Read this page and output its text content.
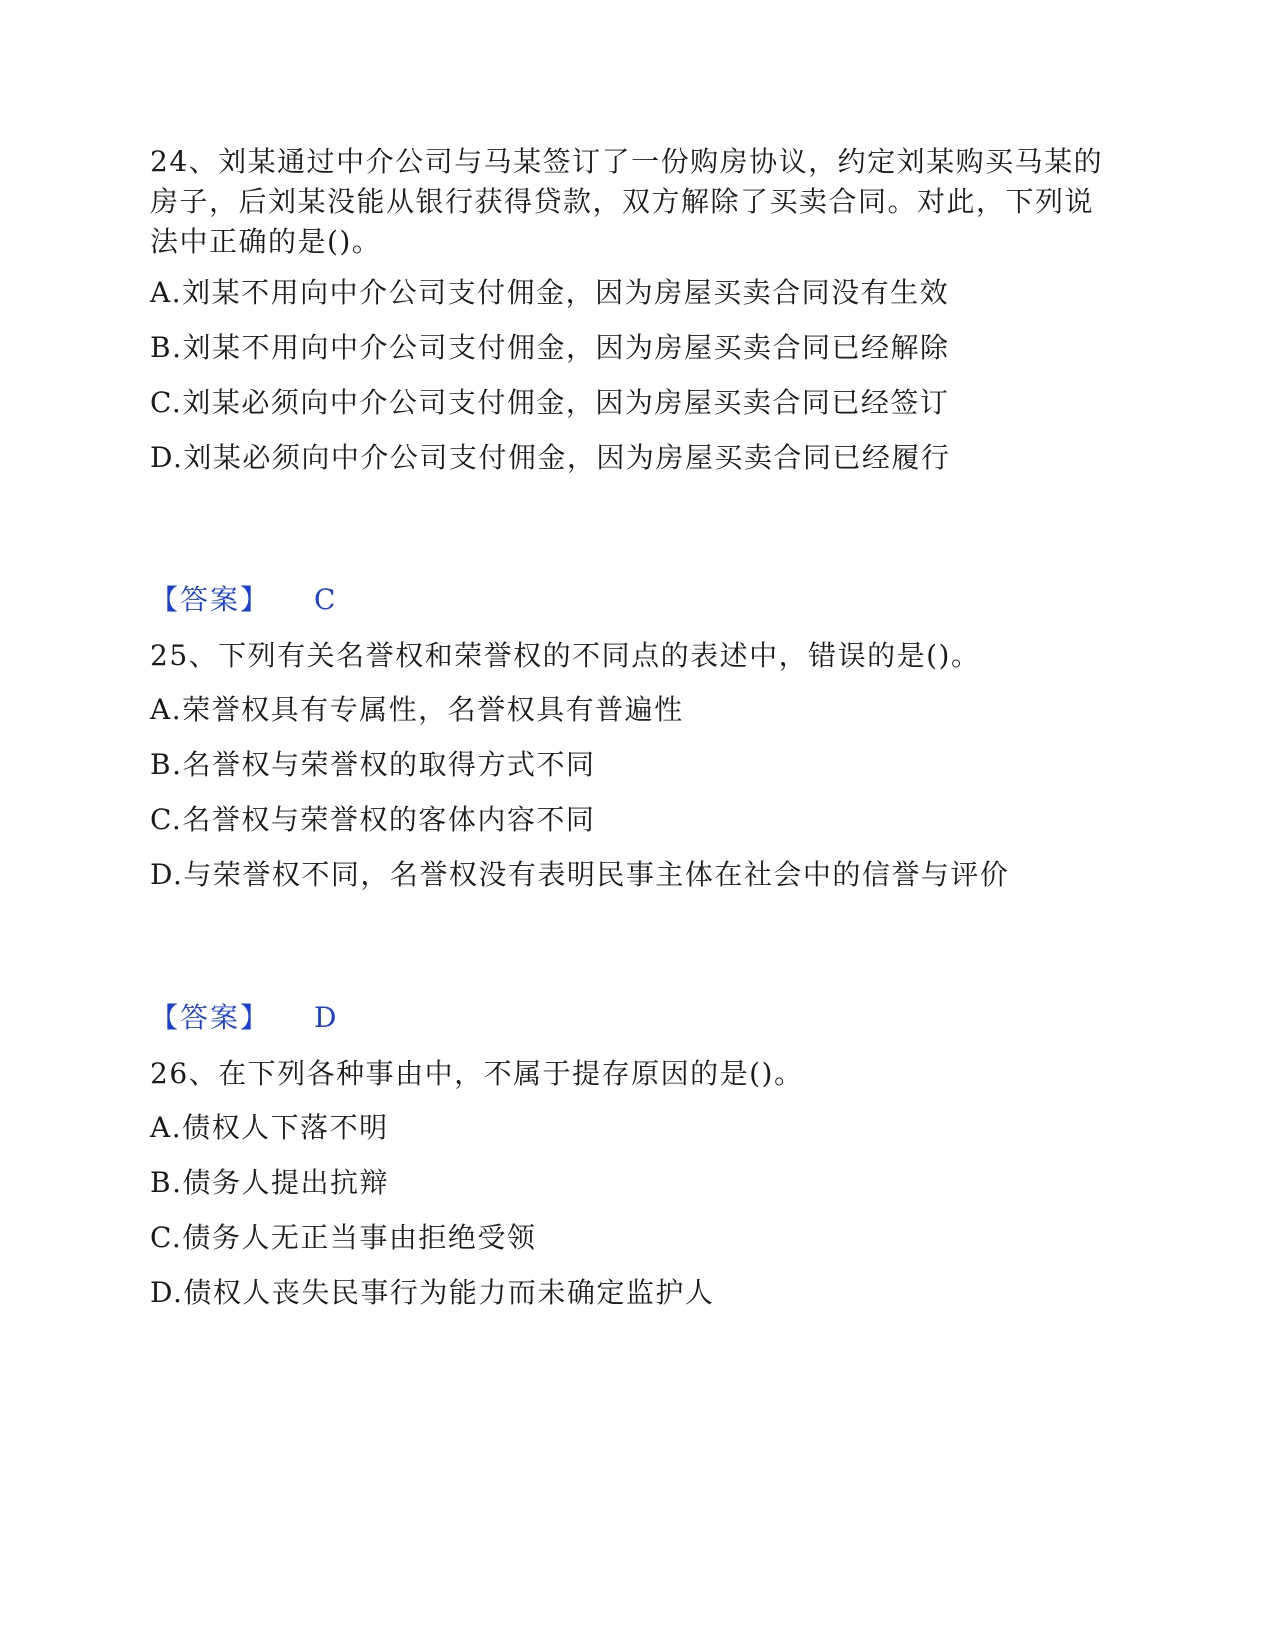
24、刘某通过中介公司与马某签订了一份购房协议，约定刘某购买马某的房子，后刘某没能从银行获得贷款，双方解除了买卖合同。对此，下列说法中正确的是()。

A.刘某不用向中介公司支付佣金，因为房屋买卖合同没有生效

B.刘某不用向中介公司支付佣金，因为房屋买卖合同已经解除

C.刘某必须向中介公司支付佣金，因为房屋买卖合同已经签订

D.刘某必须向中介公司支付佣金，因为房屋买卖合同已经履行

【答案】 C

25、下列有关名誉权和荣誉权的不同点的表述中，错误的是()。

A.荣誉权具有专属性，名誉权具有普遍性

B.名誉权与荣誉权的取得方式不同

C.名誉权与荣誉权的客体内容不同

D.与荣誉权不同，名誉权没有表明民事主体在社会中的信誉与评价

【答案】 D

26、在下列各种事由中，不属于提存原因的是()。

A.债权人下落不明

B.债务人提出抗辩

C.债务人无正当事由拒绝受领

D.债权人丧失民事行为能力而未确定监护人
